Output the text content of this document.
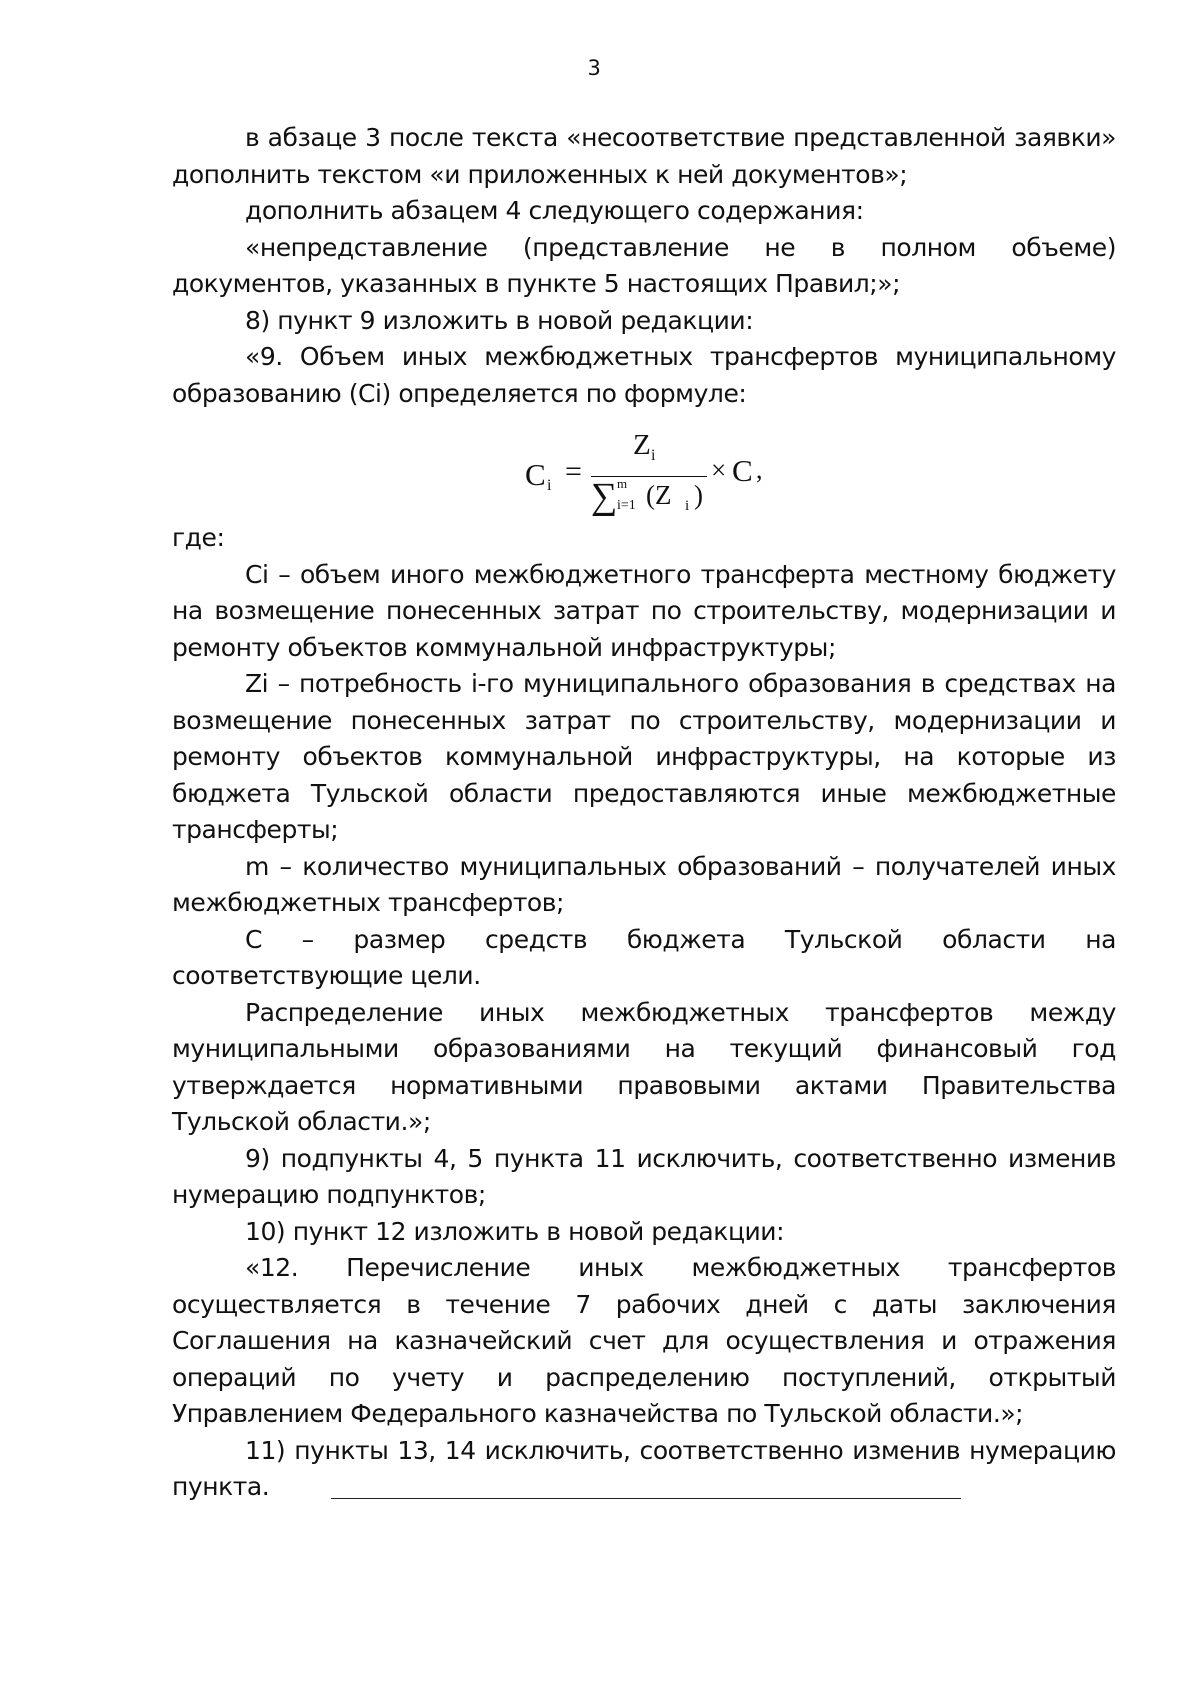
3

в абзаце 3 после текста «несоответствие представленной заявки» дополнить текстом «и приложенных к ней документов»;

дополнить абзацем 4 следующего содержания:

«непредставление (представление не в полном объеме) документов, указанных в пункте 5 настоящих Правил;»;

8) пункт 9 изложить в новой редакции:

«9. Объем иных межбюджетных трансфертов муниципальному образованию (Ci) определяется по формуле:

C i =
Z i
∑ m
i=1 (Z i )
× C ,

где:

Ci – объем иного межбюджетного трансферта местному бюджету на возмещение понесенных затрат по строительству, модернизации и ремонту объектов коммунальной инфраструктуры;

Zi – потребность i-го муниципального образования в средствах на возмещение понесенных затрат по строительству, модернизации и ремонту объектов коммунальной инфраструктуры, на которые из бюджета Тульской области предоставляются иные межбюджетные трансферты;

m – количество муниципальных образований – получателей иных межбюджетных трансфертов;

C – размер средств бюджета Тульской области на соответствующие цели.

Распределение иных межбюджетных трансфертов между муниципальными образованиями на текущий финансовый год утверждается нормативными правовыми актами Правительства Тульской области.»;

9) подпункты 4, 5 пункта 11 исключить, соответственно изменив нумерацию подпунктов;

10) пункт 12 изложить в новой редакции:

«12. Перечисление иных межбюджетных трансфертов осуществляется в течение 7 рабочих дней с даты заключения Соглашения на казначейский счет для осуществления и отражения операций по учету и распределению поступлений, открытый Управлением Федерального казначейства по Тульской области.»;

11) пункты 13, 14 исключить, соответственно изменив нумерацию пункта.
